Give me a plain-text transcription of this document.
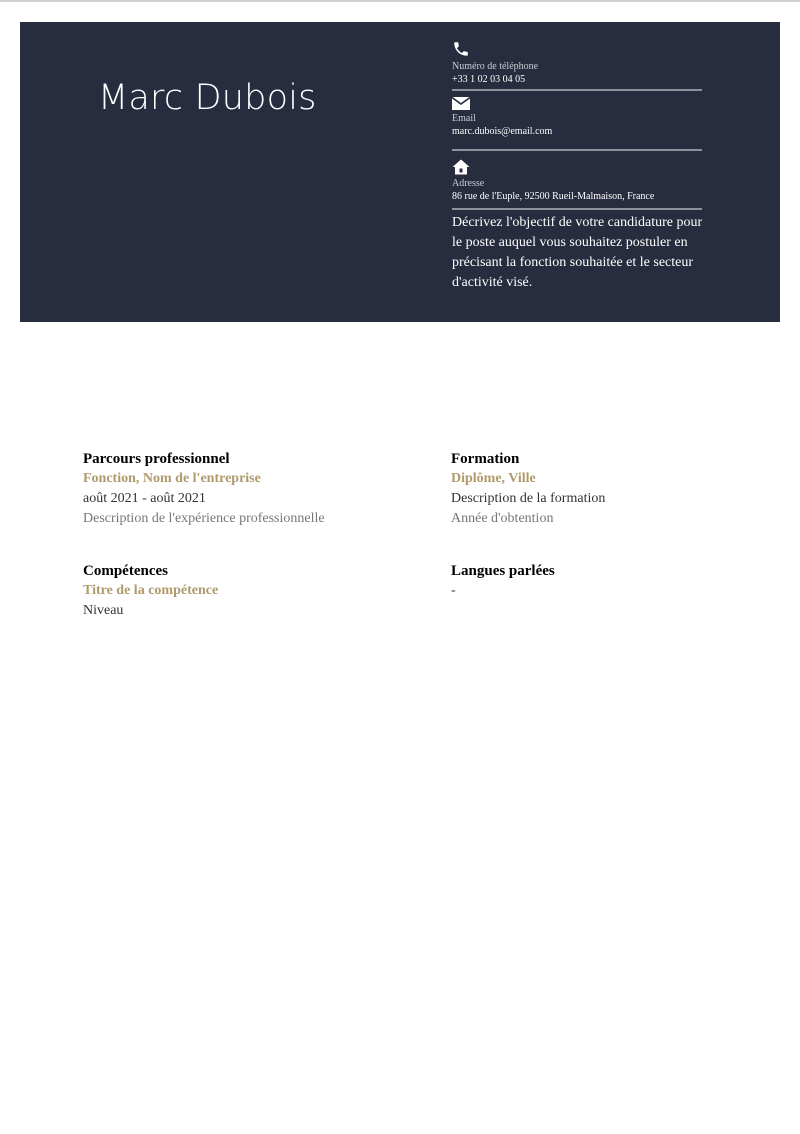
Marc Dubois
Numéro de téléphone
+33 1 02 03 04 05
Email
marc.dubois@email.com
Adresse
86 rue de l'Euple, 92500 Rueil-Malmaison, France
Décrivez l'objectif de votre candidature pour le poste auquel vous souhaitez postuler en précisant la fonction souhaitée et le secteur d'activité visé.
Parcours professionnel
Fonction, Nom de l'entreprise
août 2021 - août 2021
Description de l'expérience professionnelle
Formation
Diplôme, Ville
Description de la formation
Année d'obtention
Compétences
Titre de la compétence
Niveau
Langues parlées
-
